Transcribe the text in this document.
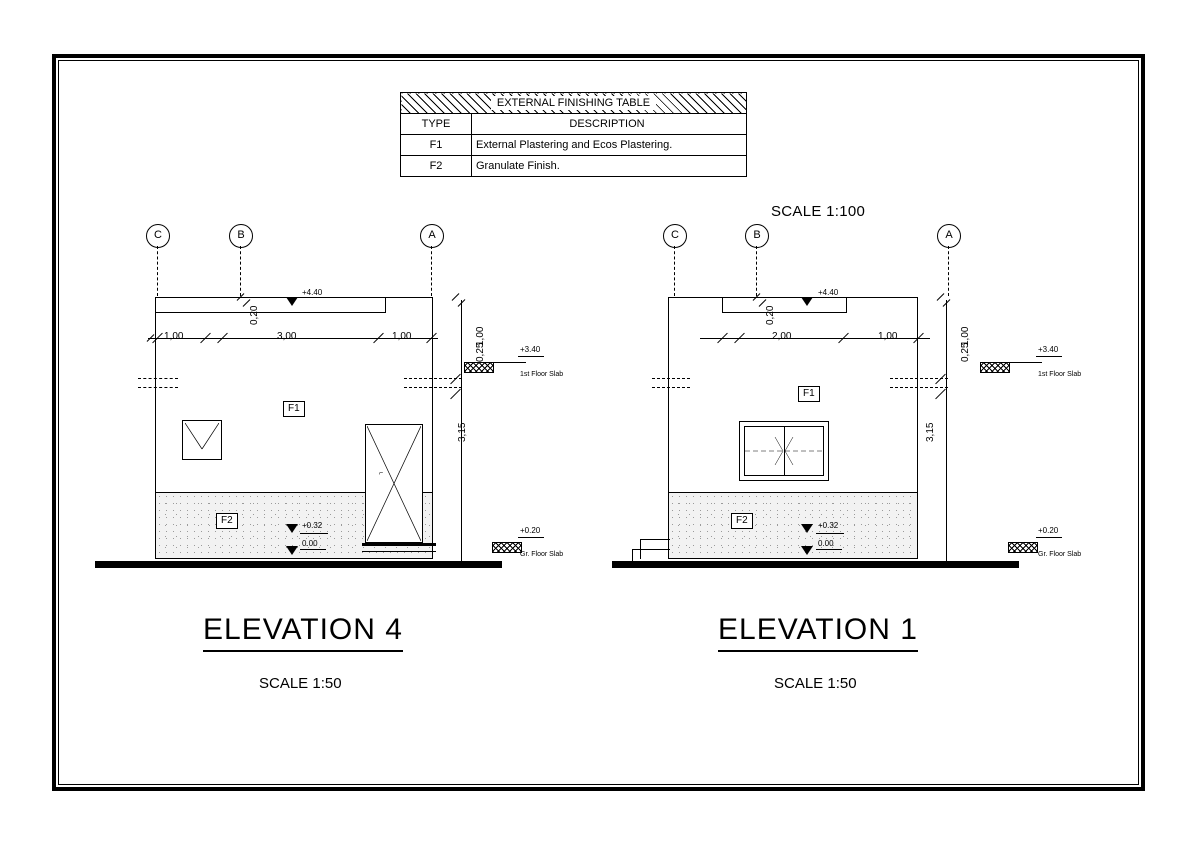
EXTERNAL FINISHING TABLE	
TYPE	DESCRIPTION
F1	External Plastering and Ecos Plastering.
F2	Granulate Finish.
SCALE 1:100
C	B	A
1,00
0,20
3,00	1,00	1,00
0,25
3,15
+4.40
+0.32
0.00
+3.40
1st Floor Slab
+0.20
Gr. Floor Slab
F1
F2
⌐
ELEVATION 4
SCALE 1:50
C	B	A
0,20
2,00	1,00	1,00
0,25
3,15
+4.40
+0.32
0.00
+3.40
1st Floor Slab
+0.20
Gr. Floor Slab
F1
F2
ELEVATION 1
SCALE 1:50
